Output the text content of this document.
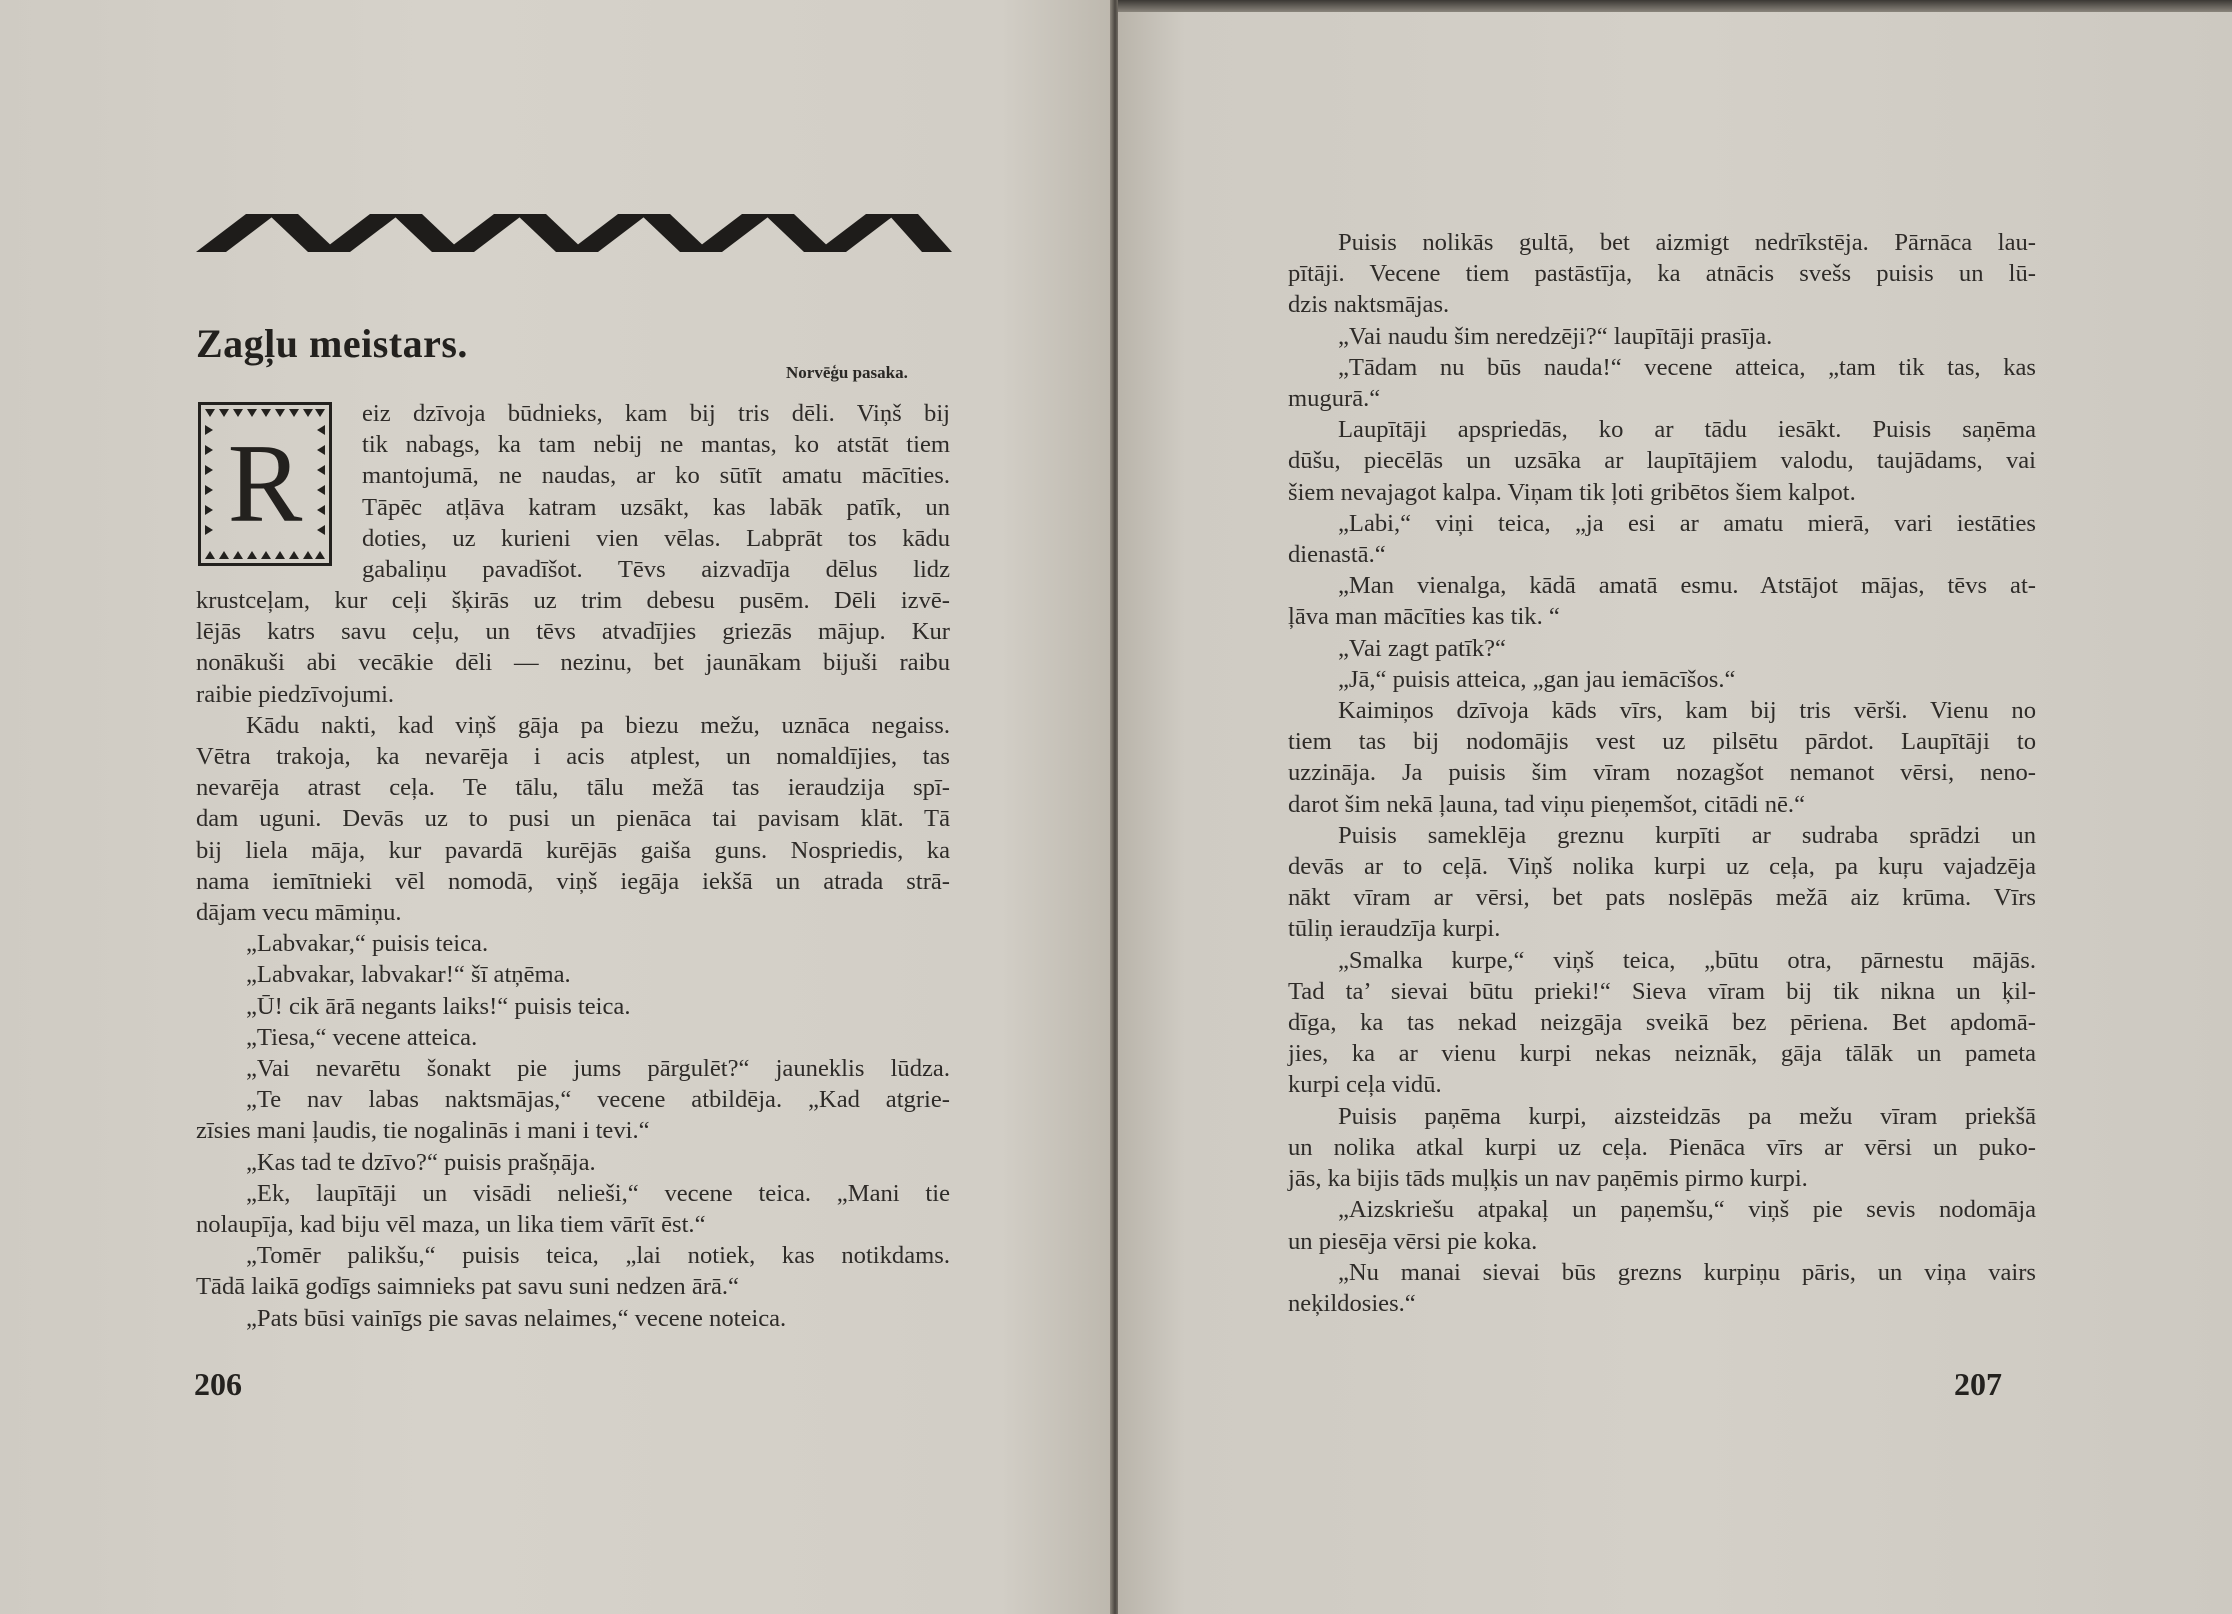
Zagļu meistars.
Norvēģu pasaka.
R

eiz dzīvoja būdnieks, kam bij tris dēli. Viņš bij

tik nabags, ka tam nebij ne mantas, ko atstāt tiem

mantojumā, ne naudas, ar ko sūtīt amatu mācīties.

Tāpēc atļāva katram uzsākt, kas labāk patīk, un

doties, uz kurieni vien vēlas. Labprāt tos kādu

gabaliņu pavadīšot. Tēvs aizvadīja dēlus lidz

krustceļam, kur ceļi šķirās uz trim debesu pusēm. Dēli izvē-

lējās katrs savu ceļu, un tēvs atvadījies griezās mājup. Kur

nonākuši abi vecākie dēli — nezinu, bet jaunākam bijuši raibu

raibie piedzīvojumi.

Kādu nakti, kad viņš gāja pa biezu mežu, uznāca negaiss.

Vētra trakoja, ka nevarēja i acis atplest, un nomaldījies, tas

nevarēja atrast ceļa. Te tālu, tālu mežā tas ieraudzija spī-

dam uguni. Devās uz to pusi un pienāca tai pavisam klāt. Tā

bij liela māja, kur pavardā kurējās gaiša guns. Nospriedis, ka

nama iemītnieki vēl nomodā, viņš iegāja iekšā un atrada strā-

dājam vecu māmiņu.

„Labvakar,“ puisis teica.

„Labvakar, labvakar!“ šī atņēma.

„Ū! cik ārā negants laiks!“ puisis teica.

„Tiesa,“ vecene atteica.

„Vai nevarētu šonakt pie jums pārgulēt?“ jauneklis lūdza.

„Te nav labas naktsmājas,“ vecene atbildēja. „Kad atgrie-

zīsies mani ļaudis, tie nogalinās i mani i tevi.“

„Kas tad te dzīvo?“ puisis prašņāja.

„Ek, laupītāji un visādi nelieši,“ vecene teica. „Mani tie

nolaupīja, kad biju vēl maza, un lika tiem vārīt ēst.“

„Tomēr palikšu,“ puisis teica, „lai notiek, kas notikdams.

Tādā laikā godīgs saimnieks pat savu suni nedzen ārā.“

„Pats būsi vainīgs pie savas nelaimes,“ vecene noteica.

206

Puisis nolikās gultā, bet aizmigt nedrīkstēja. Pārnāca lau-

pītāji. Vecene tiem pastāstīja, ka atnācis svešs puisis un lū-

dzis naktsmājas.

„Vai naudu šim neredzēji?“ laupītāji prasīja.

„Tādam nu būs nauda!“ vecene atteica, „tam tik tas, kas

mugurā.“

Laupītāji apspriedās, ko ar tādu iesākt. Puisis saņēma

dūšu, piecēlās un uzsāka ar laupītājiem valodu, taujādams, vai

šiem nevajagot kalpa. Viņam tik ļoti gribētos šiem kalpot.

„Labi,“ viņi teica, „ja esi ar amatu mierā, vari iestāties

dienastā.“

„Man vienalga, kādā amatā esmu. Atstājot mājas, tēvs at-

ļāva man mācīties kas tik. “

„Vai zagt patīk?“

„Jā,“ puisis atteica, „gan jau iemācīšos.“

Kaimiņos dzīvoja kāds vīrs, kam bij tris vērši. Vienu no

tiem tas bij nodomājis vest uz pilsētu pārdot. Laupītāji to

uzzināja. Ja puisis šim vīram nozagšot nemanot vērsi, neno-

darot šim nekā ļauna, tad viņu pieņemšot, citādi nē.“

Puisis sameklēja greznu kurpīti ar sudraba sprādzi un

devās ar to ceļā. Viņš nolika kurpi uz ceļa, pa kuŗu vajadzēja

nākt vīram ar vērsi, bet pats noslēpās mežā aiz krūma. Vīrs

tūliņ ieraudzīja kurpi.

„Smalka kurpe,“ viņš teica, „būtu otra, pārnestu mājās.

Tad ta’ sievai būtu prieki!“ Sieva vīram bij tik nikna un ķil-

dīga, ka tas nekad neizgāja sveikā bez pēriena. Bet apdomā-

jies, ka ar vienu kurpi nekas neiznāk, gāja tālāk un pameta

kurpi ceļa vidū.

Puisis paņēma kurpi, aizsteidzās pa mežu vīram priekšā

un nolika atkal kurpi uz ceļa. Pienāca vīrs ar vērsi un puko-

jās, ka bijis tāds muļķis un nav paņēmis pirmo kurpi.

„Aizskriešu atpakaļ un paņemšu,“ viņš pie sevis nodomāja

un piesēja vērsi pie koka.

„Nu manai sievai būs grezns kurpiņu pāris, un viņa vairs

neķildosies.“

207
